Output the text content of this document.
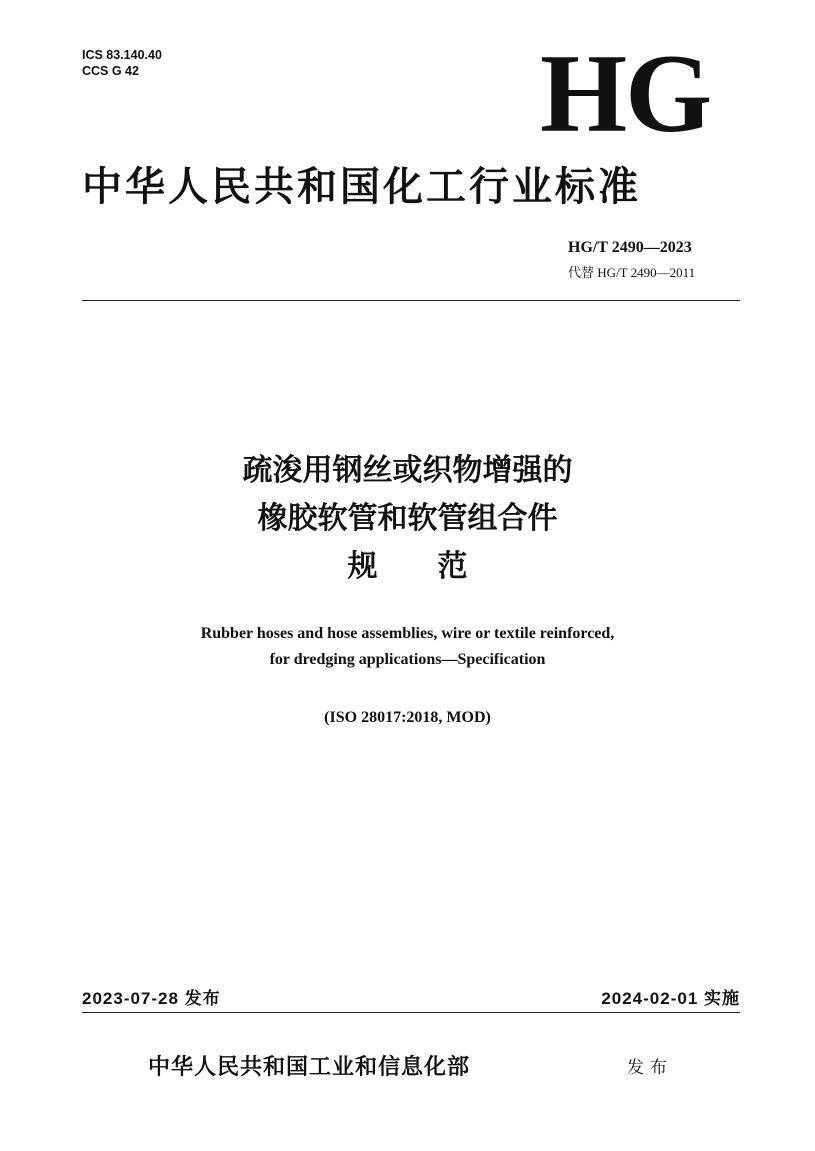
ICS 83.140.40
CCS G 42	HG
中华人民共和国化工行业标准
HG/T 2490—2023
代替 HG/T 2490—2011
疏浚用钢丝或织物增强的
橡胶软管和软管组合件
规 范
Rubber hoses and hose assemblies, wire or textile reinforced,
for dredging applications—Specification
(ISO 28017:2018, MOD)
2023-07-28 发布	2024-02-01 实施
中华人民共和国工业和信息化部	发布
